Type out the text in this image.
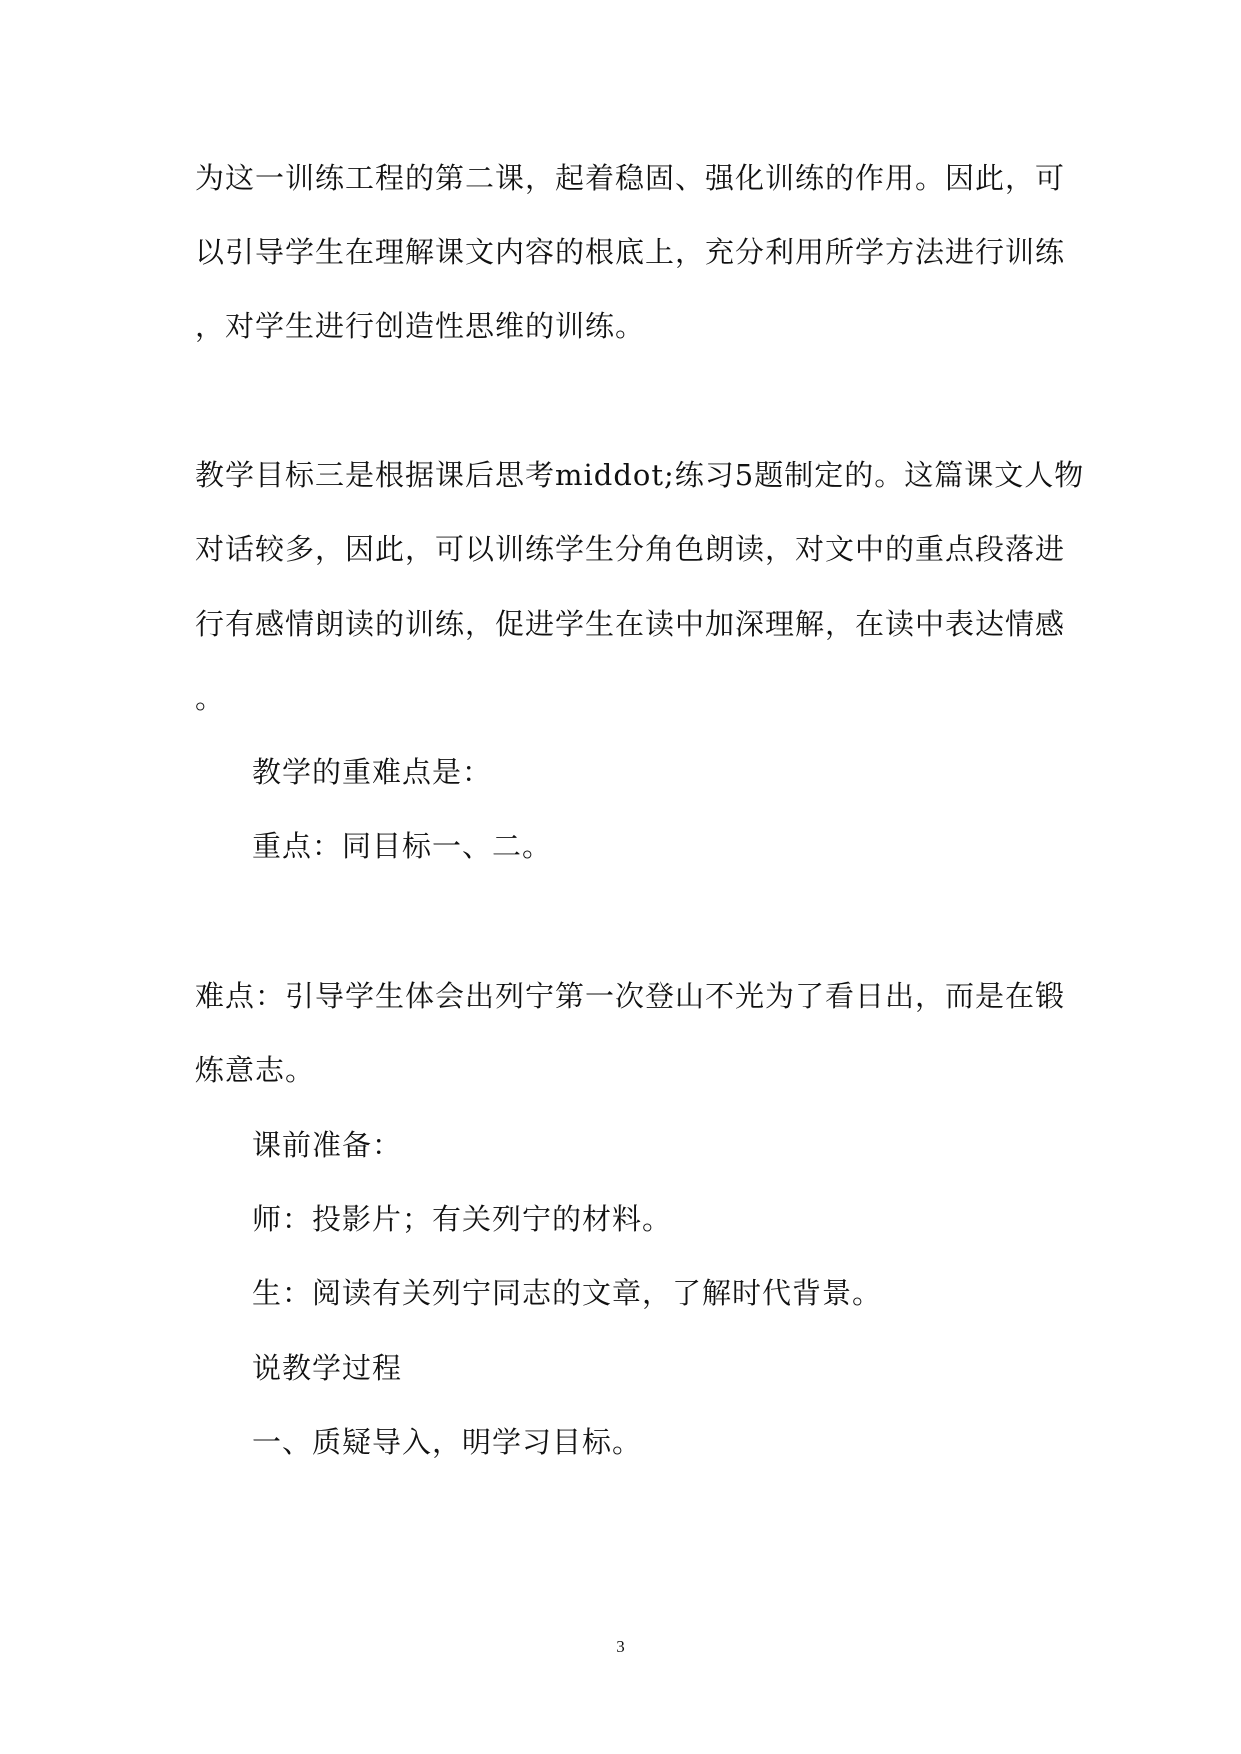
为这一训练工程的第二课，起着稳固、强化训练的作用。因此，可
以引导学生在理解课文内容的根底上，充分利用所学方法进行训练
，对学生进行创造性思维的训练。
教学目标三是根据课后思考middot;练习5题制定的。这篇课文人物
对话较多，因此，可以训练学生分角色朗读，对文中的重点段落进
行有感情朗读的训练，促进学生在读中加深理解，在读中表达情感
。
教学的重难点是：
重点：同目标一、二。
难点：引导学生体会出列宁第一次登山不光为了看日出，而是在锻
炼意志。
课前准备：
师：投影片；有关列宁的材料。
生：阅读有关列宁同志的文章，了解时代背景。
说教学过程
一、质疑导入，明学习目标。
3
